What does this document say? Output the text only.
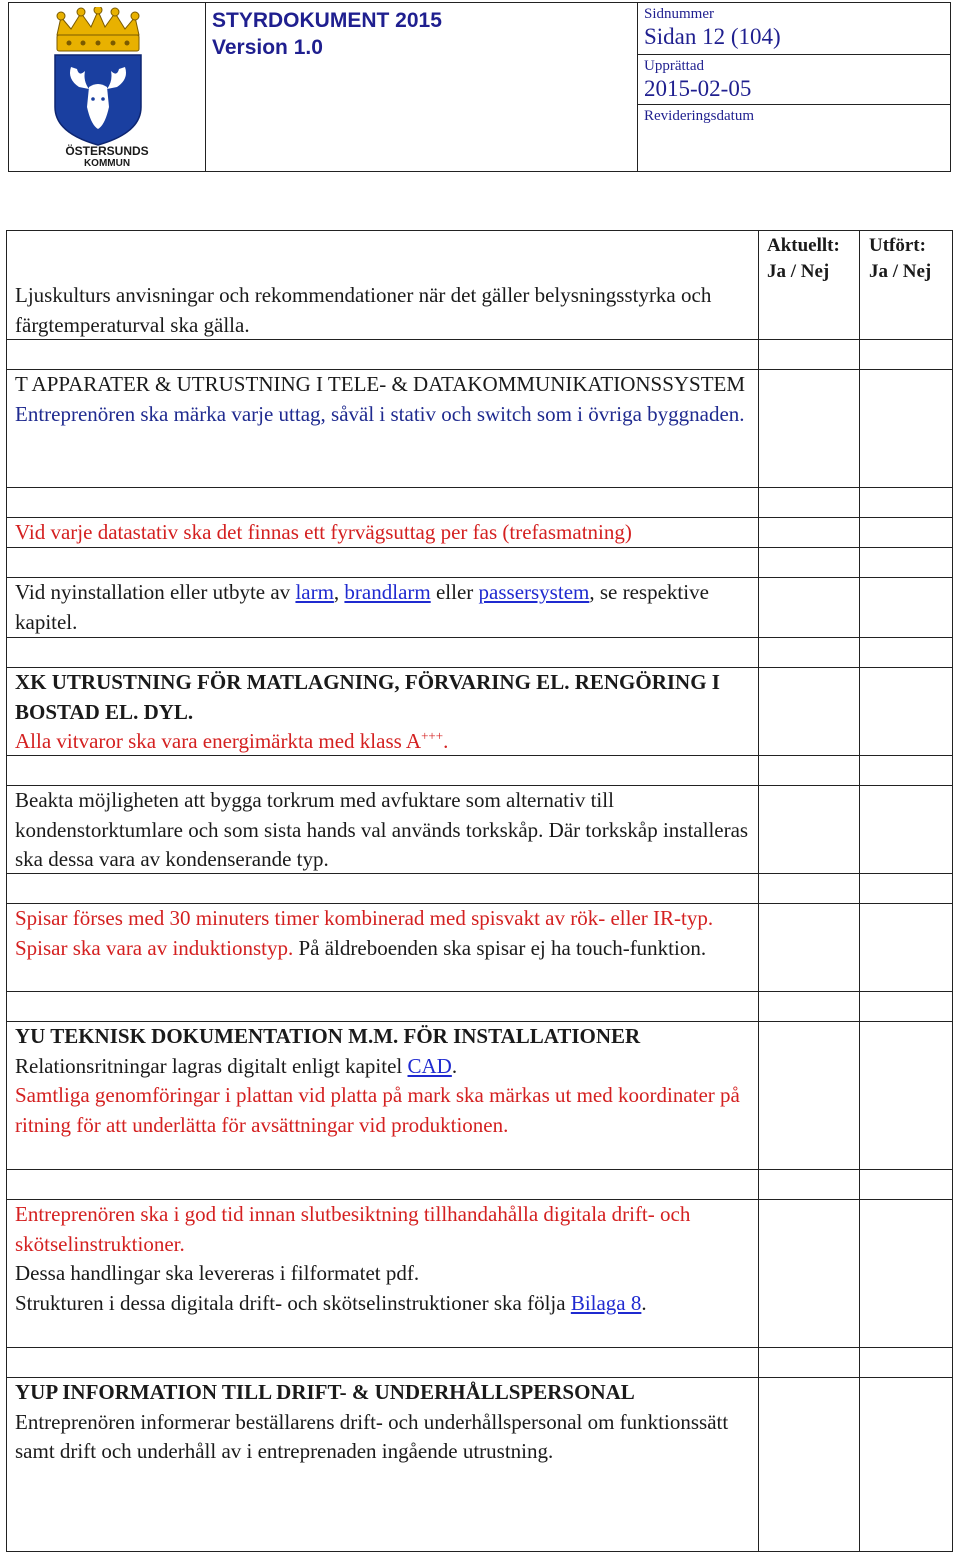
ÖSTERSUNDS
KOMMUN
STYRDOKUMENT 2015
Version 1.0
Sidnummer
Sidan 12 (104)
Upprättad
2015-02-05
Revideringsdatum
Aktuellt:
Ja / Nej
Utfört:
Ja / Nej

Ljuskulturs anvisningar och rekommendationer när det gäller belysningsstyrka och färgtemperaturval ska gälla.

T APPARATER & UTRUSTNING I TELE- & DATAKOMMUNIKATIONSSYSTEM

Entreprenören ska märka varje uttag, såväl i stativ och switch som i övriga byggnaden.

Vid varje datastativ ska det finnas ett fyrvägsuttag per fas (trefasmatning)

Vid nyinstallation eller utbyte av larm, brandlarm eller passersystem, se respektive kapitel.

XK UTRUSTNING FÖR MATLAGNING, FÖRVARING EL. RENGÖRING I BOSTAD EL. DYL.

Alla vitvaror ska vara energimärkta med klass A+++.

Beakta möjligheten att bygga torkrum med avfuktare som alternativ till kondenstorktumlare och som sista hands val används torkskåp. Där torkskåp installeras ska dessa vara av kondenserande typ.

Spisar förses med 30 minuters timer kombinerad med spisvakt av rök- eller IR-typ. Spisar ska vara av induktionstyp. På äldreboenden ska spisar ej ha touch-funktion.

YU TEKNISK DOKUMENTATION M.M. FÖR INSTALLATIONER

Relationsritningar lagras digitalt enligt kapitel CAD.

Samtliga genomföringar i plattan vid platta på mark ska märkas ut med koordinater på ritning för att underlätta för avsättningar vid produktionen.

Entreprenören ska i god tid innan slutbesiktning tillhandahålla digitala drift- och skötselinstruktioner.

Dessa handlingar ska levereras i filformatet pdf.

Strukturen i dessa digitala drift- och skötselinstruktioner ska följa Bilaga 8.

YUP INFORMATION TILL DRIFT- & UNDERHÅLLSPERSONAL

Entreprenören informerar beställarens drift- och underhållspersonal om funktionssätt samt drift och underhåll av i entreprenaden ingående utrustning.
